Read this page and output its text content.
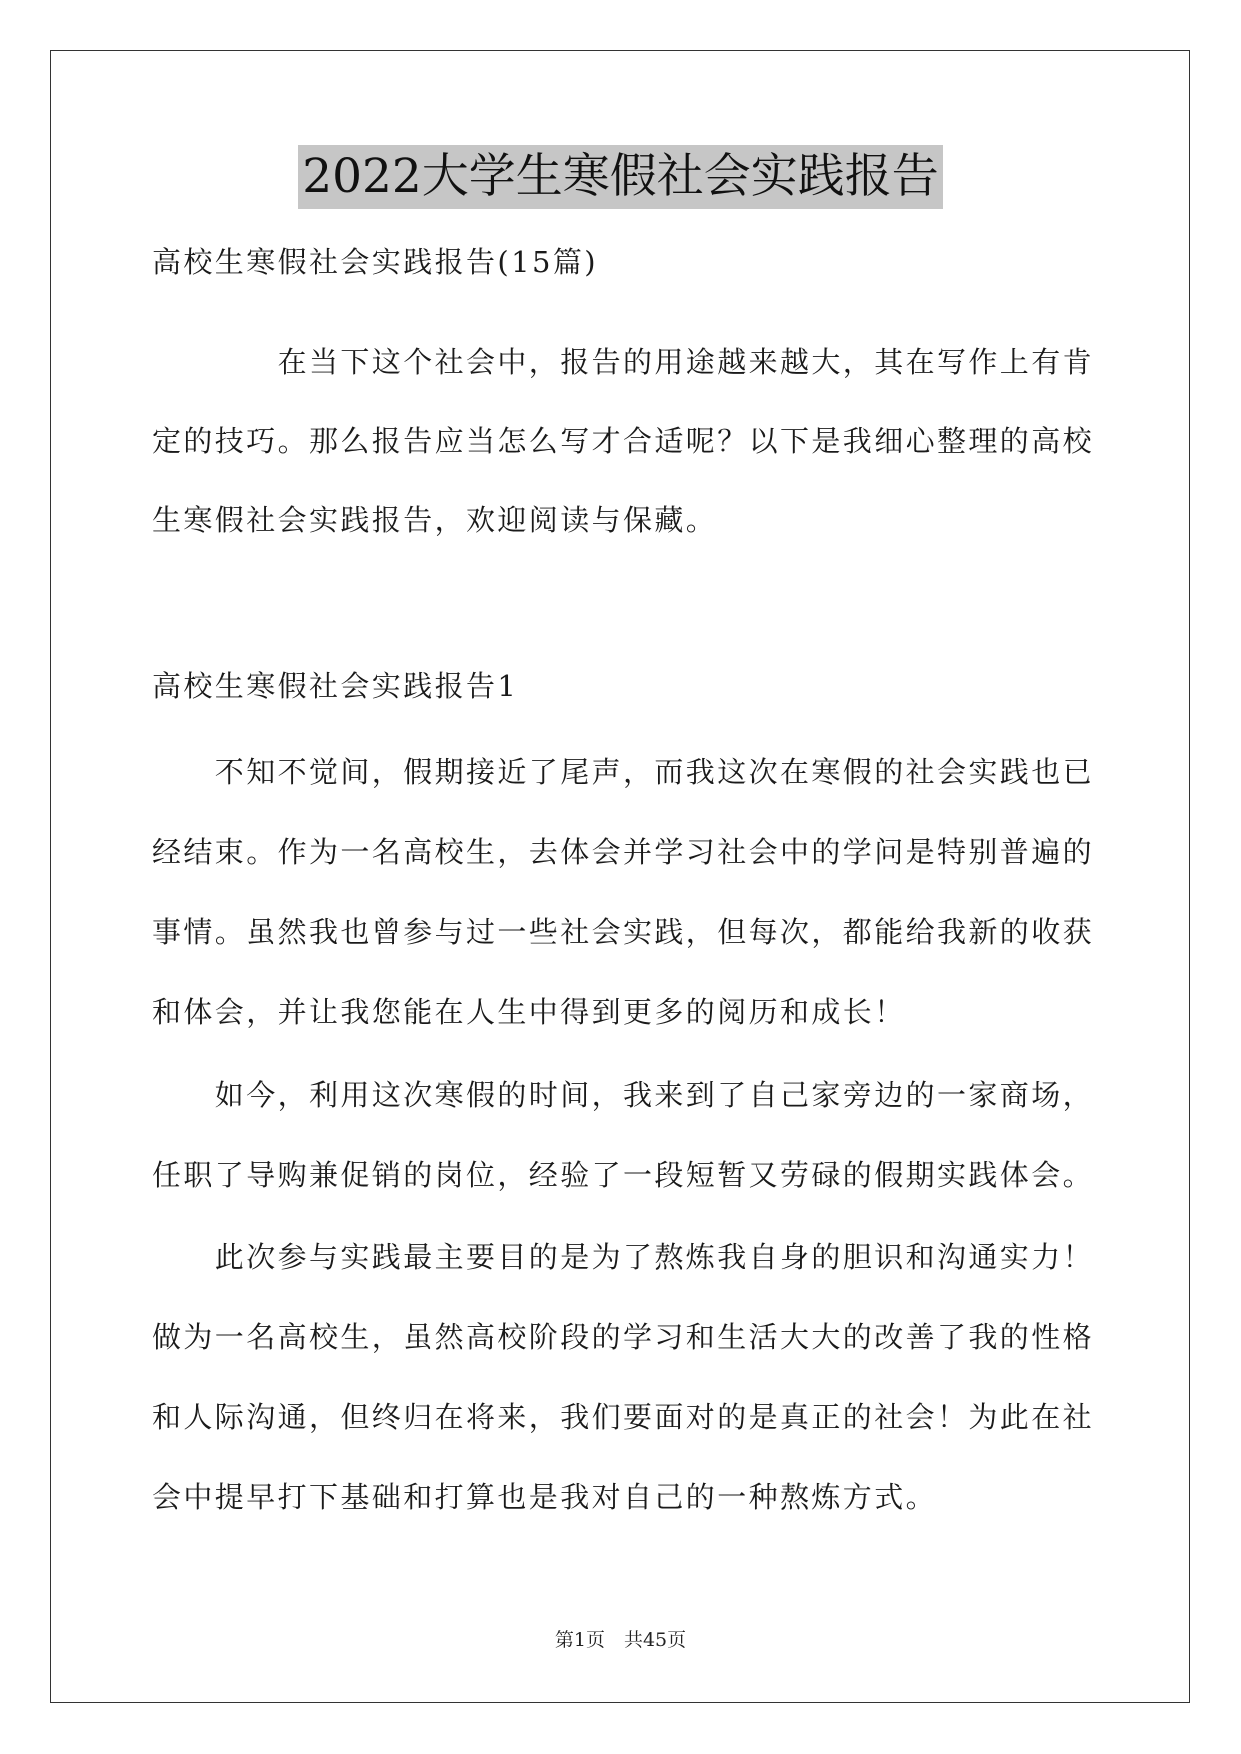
2022大学生寒假社会实践报告

高校生寒假社会实践报告(15篇)

　　　　在当下这个社会中，报告的用途越来越大，其在写作上有肯

定的技巧。那么报告应当怎么写才合适呢？以下是我细心整理的高校

生寒假社会实践报告，欢迎阅读与保藏。

高校生寒假社会实践报告1

　　不知不觉间，假期接近了尾声，而我这次在寒假的社会实践也已

经结束。作为一名高校生，去体会并学习社会中的学问是特别普遍的

事情。虽然我也曾参与过一些社会实践，但每次，都能给我新的收获

和体会，并让我您能在人生中得到更多的阅历和成长！

　　如今，利用这次寒假的时间，我来到了自己家旁边的一家商场，

任职了导购兼促销的岗位，经验了一段短暂又劳碌的假期实践体会。

　　此次参与实践最主要目的是为了熬炼我自身的胆识和沟通实力！

做为一名高校生，虽然高校阶段的学习和生活大大的改善了我的性格

和人际沟通，但终归在将来，我们要面对的是真正的社会！为此在社

会中提早打下基础和打算也是我对自己的一种熬炼方式。

第1页　共45页
